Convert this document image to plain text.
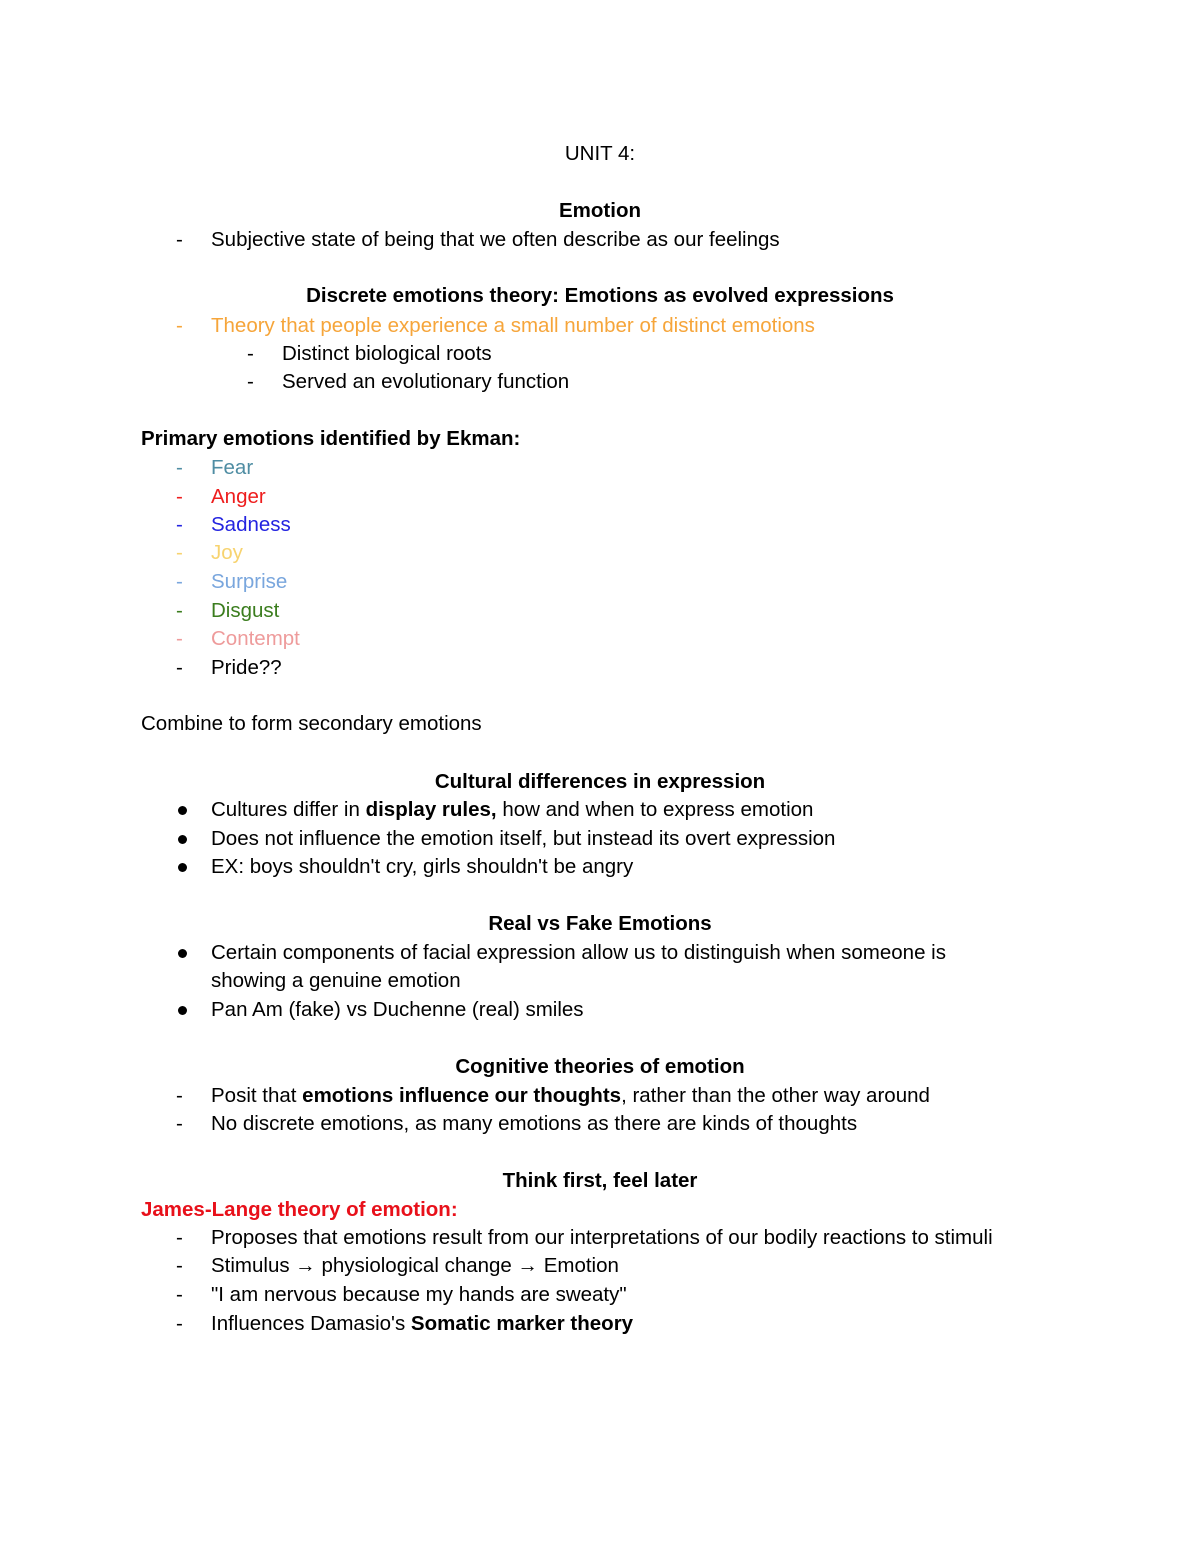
UNIT 4:
Emotion
-	Subjective state of being that we often describe as our feelings
Discrete emotions theory: Emotions as evolved expressions
-	Theory that people experience a small number of distinct emotions
-	Distinct biological roots
-	Served an evolutionary function
Primary emotions identified by Ekman:
-	Fear
-	Anger
-	Sadness
-	Joy
-	Surprise
-	Disgust
-	Contempt
-	Pride??
Combine to form secondary emotions
Cultural differences in expression
Cultures differ in display rules, how and when to express emotion
Does not influence the emotion itself, but instead its overt expression
EX: boys shouldn't cry, girls shouldn't be angry
Real vs Fake Emotions
Certain components of facial expression allow us to distinguish when someone is
showing a genuine emotion
Pan Am (fake) vs Duchenne (real) smiles
Cognitive theories of emotion
-	Posit that emotions influence our thoughts, rather than the other way around
-	No discrete emotions, as many emotions as there are kinds of thoughts
Think first, feel later
James-Lange theory of emotion:
-	Proposes that emotions result from our interpretations of our bodily reactions to stimuli
-	Stimulus → physiological change → Emotion
-	"I am nervous because my hands are sweaty"
-	Influences Damasio's Somatic marker theory
